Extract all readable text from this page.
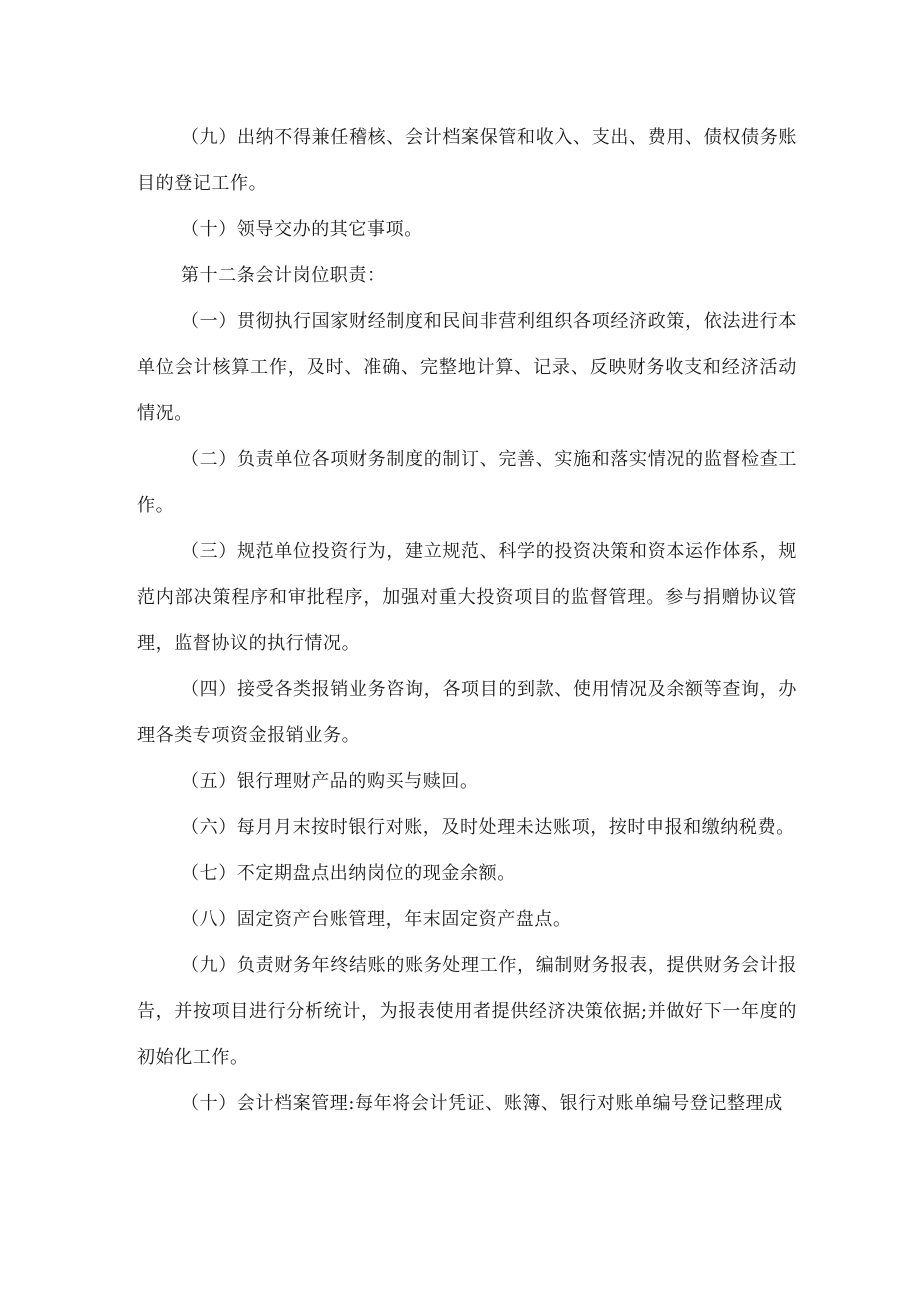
（九）出纳不得兼任稽核、会计档案保管和收入、支出、费用、债权债务账目的登记工作。

（十）领导交办的其它事项。

第十二条会计岗位职责：

（一）贯彻执行国家财经制度和民间非营利组织各项经济政策，依法进行本单位会计核算工作，及时、准确、完整地计算、记录、反映财务收支和经济活动情况。

（二）负责单位各项财务制度的制订、完善、实施和落实情况的监督检查工作。

（三）规范单位投资行为，建立规范、科学的投资决策和资本运作体系，规范内部决策程序和审批程序，加强对重大投资项目的监督管理。参与捐赠协议管理，监督协议的执行情况。

（四）接受各类报销业务咨询，各项目的到款、使用情况及余额等查询，办理各类专项资金报销业务。

（五）银行理财产品的购买与赎回。

（六）每月月末按时银行对账，及时处理未达账项，按时申报和缴纳税费。

（七）不定期盘点出纳岗位的现金余额。

（八）固定资产台账管理，年末固定资产盘点。

（九）负责财务年终结账的账务处理工作，编制财务报表，提供财务会计报告，并按项目进行分析统计，为报表使用者提供经济决策依据;并做好下一年度的初始化工作。

（十）会计档案管理:每年将会计凭证、账簿、银行对账单编号登记整理成
